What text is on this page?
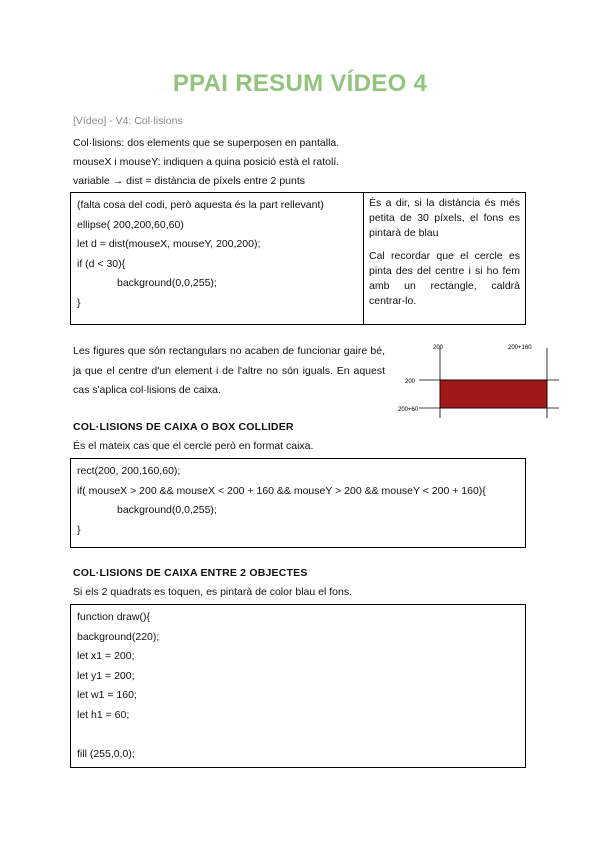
PPAI RESUM VÍDEO 4
[Vídeo] - V4: Col·lisions
Col·lisions: dos elements que se superposen en pantalla.
mouseX i mouseY: indiquen a quina posició està el ratolí.
variable → dist = distància de píxels entre 2 punts
(falta cosa del codi, però aquesta és la part rellevant)
ellipse( 200,200,60,60)
let d = dist(mouseX, mouseY, 200,200);
if (d < 30){
background(0,0,255);
}

És a dir, si la distància és més petita de 30 píxels, el fons es pintarà de blau

Cal recordar que el cercle es pinta des del centre i si ho fem amb un rectangle, caldrà centrar-lo.

Les figures que són rectangulars no acaben de funcionar gaire bé, ja que el centre d'un element i de l'altre no són iguals. En aquest cas s'aplica col·lisions de caixa.
200	200+160
200
200+60
COL·LISIONS DE CAIXA O BOX COLLIDER
És el mateix cas que el cercle però en format caixa.
rect(200, 200,160,60);
if( mouseX > 200 && mouseX < 200 + 160 && mouseY > 200 && mouseY < 200 + 160){
background(0,0,255);
}
COL·LISIONS DE CAIXA ENTRE 2 OBJECTES
Si els 2 quadrats es toquen, es pintarà de color blau el fons.
function draw(){
background(220);
let x1 = 200;
let y1 = 200;
let w1 = 160;
let h1 = 60;
fill (255,0,0);
